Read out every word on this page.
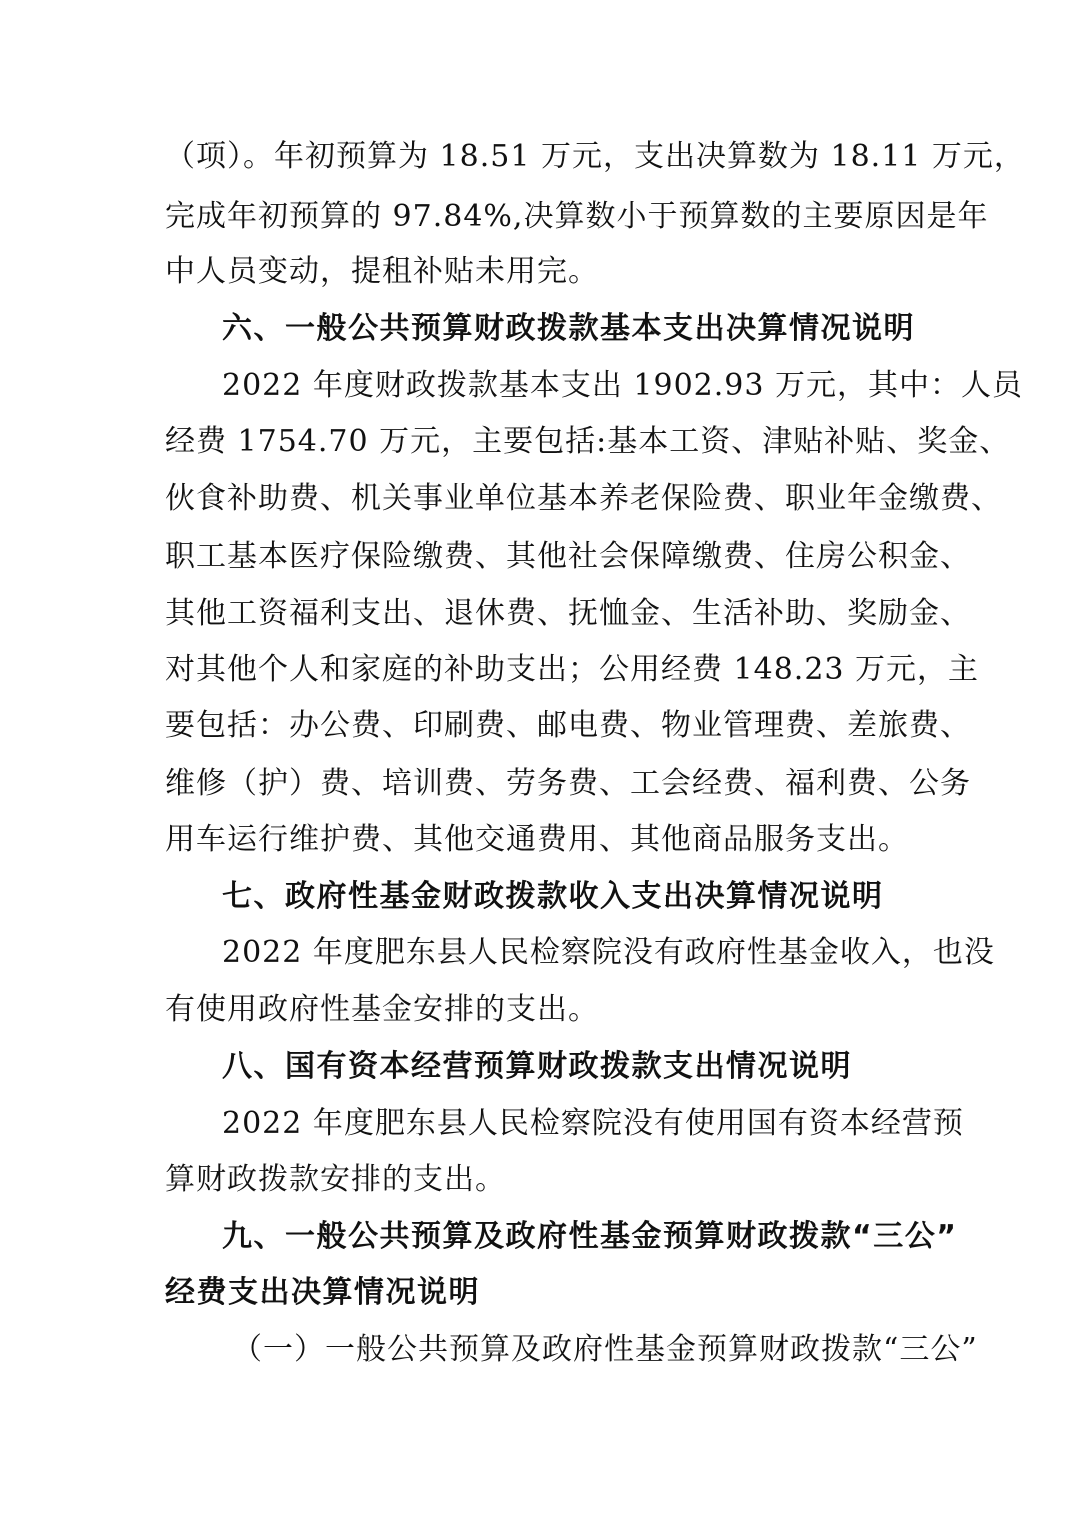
（项）。年初预算为 18.51 万元，支出决算数为 18.11 万元，
完成年初预算的 97.84%,决算数小于预算数的主要原因是年
中人员变动，提租补贴未用完。
六、一般公共预算财政拨款基本支出决算情况说明
2022 年度财政拨款基本支出 1902.93 万元，其中：人员
经费 1754.70 万元，主要包括:基本工资、津贴补贴、奖金、
伙食补助费、机关事业单位基本养老保险费、职业年金缴费、
职工基本医疗保险缴费、其他社会保障缴费、住房公积金、
其他工资福利支出、退休费、抚恤金、生活补助、奖励金、
对其他个人和家庭的补助支出；公用经费 148.23 万元，主
要包括：办公费、印刷费、邮电费、物业管理费、差旅费、
维修（护）费、培训费、劳务费、工会经费、福利费、公务
用车运行维护费、其他交通费用、其他商品服务支出。
七、政府性基金财政拨款收入支出决算情况说明
2022 年度肥东县人民检察院没有政府性基金收入，也没
有使用政府性基金安排的支出。
八、国有资本经营预算财政拨款支出情况说明
2022 年度肥东县人民检察院没有使用国有资本经营预
算财政拨款安排的支出。
九、一般公共预算及政府性基金预算财政拨款“三公”
经费支出决算情况说明
（一）一般公共预算及政府性基金预算财政拨款“三公”
